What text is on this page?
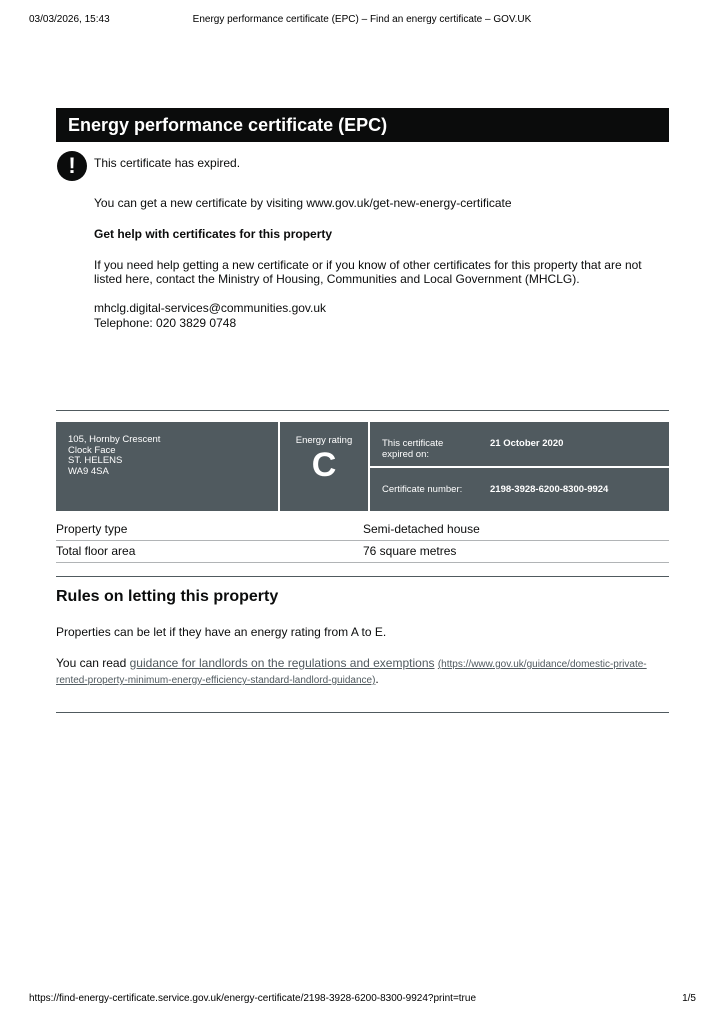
03/03/2026, 15:43	Energy performance certificate (EPC) – Find an energy certificate – GOV.UK
Energy performance certificate (EPC)
!	This certificate has expired.
You can get a new certificate by visiting www.gov.uk/get-new-energy-certificate
Get help with certificates for this property
If you need help getting a new certificate or if you know of other certificates for this property that are not listed here, contact the Ministry of Housing, Communities and Local Government (MHCLG).
mhclg.digital-services@communities.gov.uk
Telephone: 020 3829 0748
105, Hornby Crescent
Clock Face
ST. HELENS
WA9 4SA
Energy rating
C
This certificate expired on:
21 October 2020
Certificate number:	2198-3928-6200-8300-9924
Property type	Semi-detached house
Total floor area	76 square metres
Rules on letting this property
Properties can be let if they have an energy rating from A to E.
You can read guidance for landlords on the regulations and exemptions (https://www.gov.uk/guidance/domestic-private-rented-property-minimum-energy-efficiency-standard-landlord-guidance).
https://find-energy-certificate.service.gov.uk/energy-certificate/2198-3928-6200-8300-9924?print=true	1/5
